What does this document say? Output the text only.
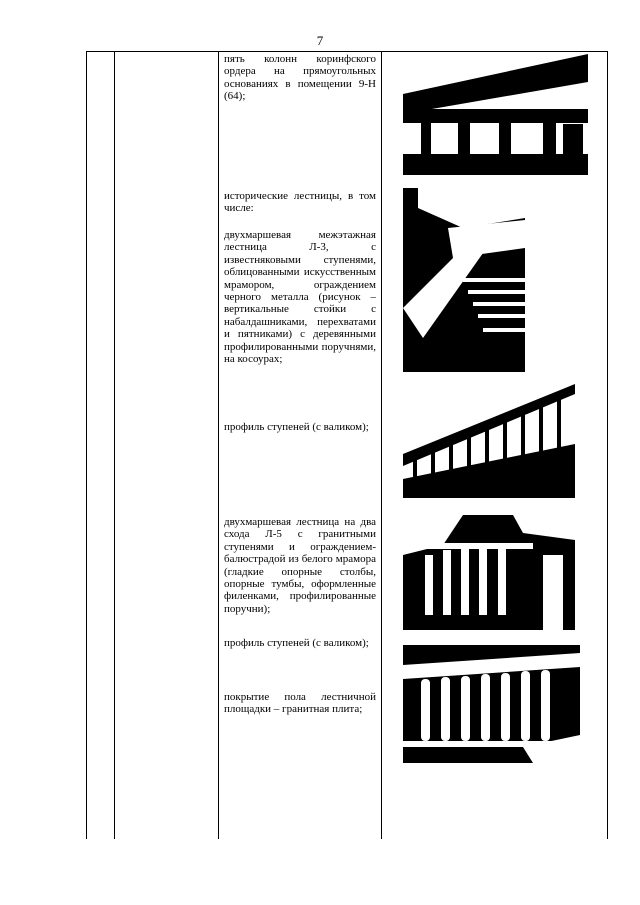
7
пять колонн коринфского ордера на прямоугольных основаниях в помещении 9-Н (64);
исторические лестницы, в том числе:
двухмаршевая межэтажная лестница Л-3, с известняковыми ступенями, облицованными искусственным мрамором, ограждением черного металла (рисунок – вертикальные стойки с набалдашниками, перехватами и пятниками) с деревянными профилированными поручнями, на косоурах;
профиль ступеней (с валиком);
двухмаршевая лестница на два схода Л-5 с гранитными ступенями и ограждением-балюстрадой из белого мрамора (гладкие опорные столбы, опорные тумбы, оформленные филенками, профилированные поручни);
профиль ступеней (с валиком);
покрытие пола лестничной площадки – гранитная плита;
